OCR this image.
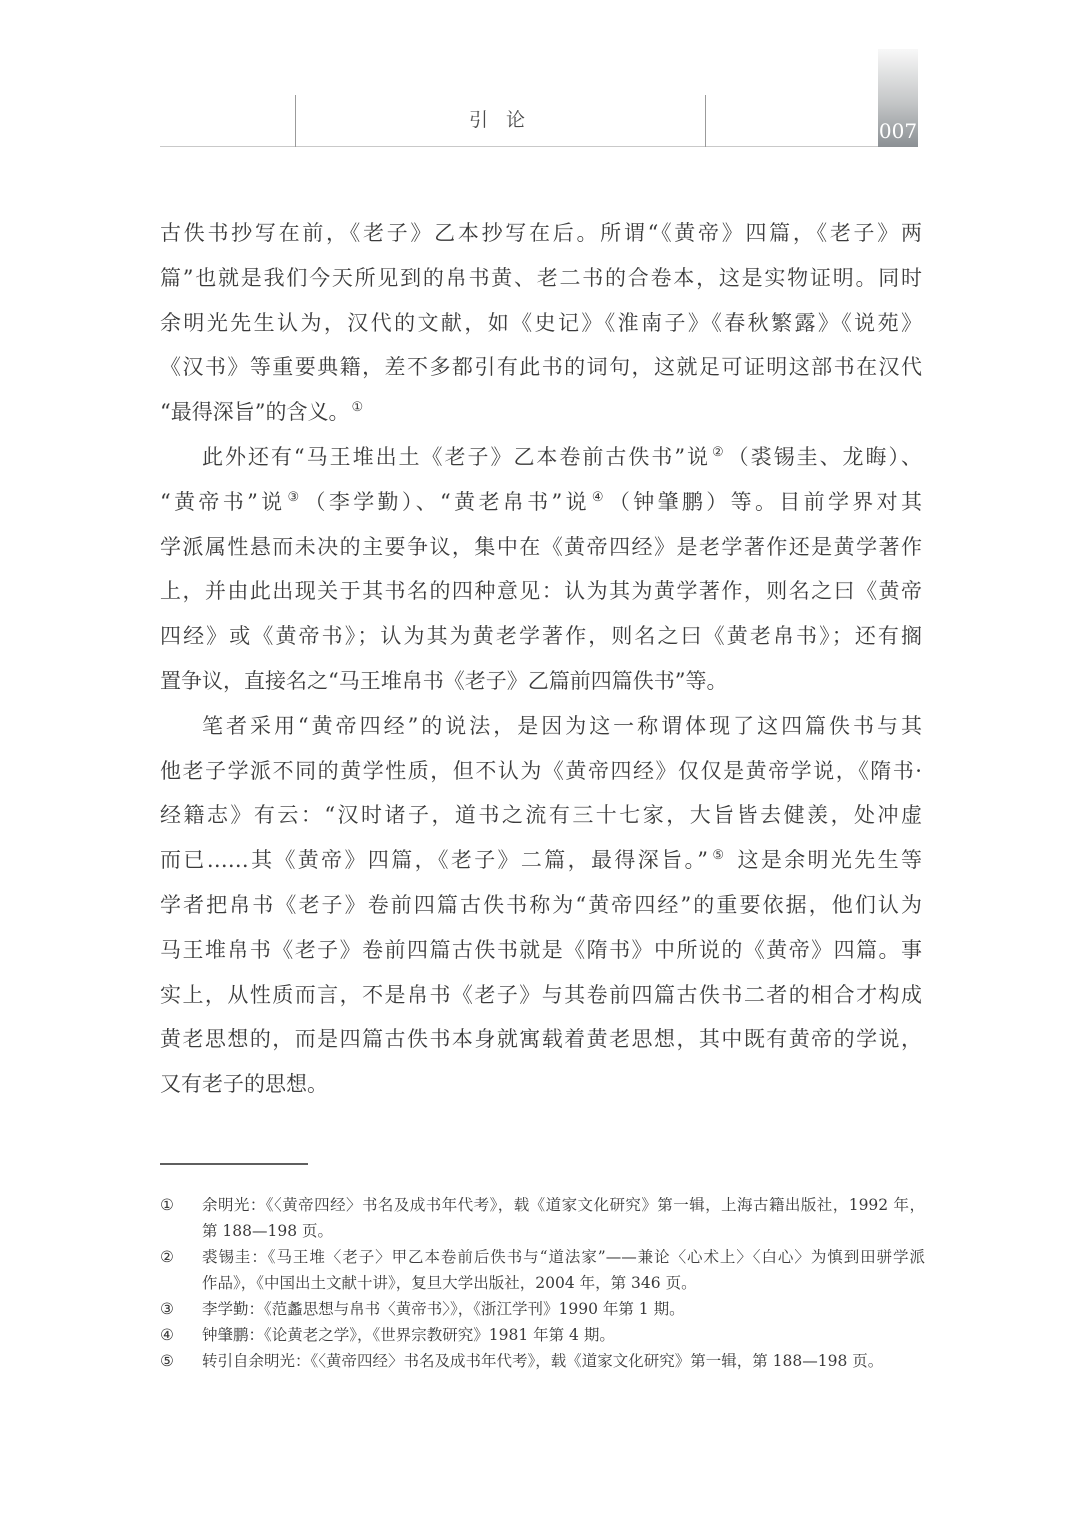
引 论	007
古佚书抄写在前，《老子》乙本抄写在后。所谓“《黄帝》四篇，《老子》两
篇”也就是我们今天所见到的帛书黄、老二书的合卷本，这是实物证明。同时
余明光先生认为，汉代的文献，如《史记》《淮南子》《春秋繁露》《说苑》
《汉书》等重要典籍，差不多都引有此书的词句，这就足可证明这部书在汉代
“最得深旨”的含义。 ①
此外还有“马王堆出土《老子》乙本卷前古佚书”说 ②（裘锡圭、龙晦）、
“黄帝书”说 ③（李学勤）、“黄老帛书”说 ④（钟肇鹏）等。目前学界对其
学派属性悬而未决的主要争议，集中在《黄帝四经》是老学著作还是黄学著作
上，并由此出现关于其书名的四种意见：认为其为黄学著作，则名之曰《黄帝
四经》或《黄帝书》；认为其为黄老学著作，则名之曰《黄老帛书》；还有搁
置争议，直接名之“马王堆帛书《老子》乙篇前四篇佚书”等。
笔者采用“黄帝四经”的说法，是因为这一称谓体现了这四篇佚书与其
他老子学派不同的黄学性质，但不认为《黄帝四经》仅仅是黄帝学说，《隋书·
经籍志》有云：“汉时诸子，道书之流有三十七家，大旨皆去健羡，处冲虚
而已……其《黄帝》四篇，《老子》二篇，最得深旨。” ⑤ 这是余明光先生等
学者把帛书《老子》卷前四篇古佚书称为“黄帝四经”的重要依据，他们认为
马王堆帛书《老子》卷前四篇古佚书就是《隋书》中所说的《黄帝》四篇。事
实上，从性质而言，不是帛书《老子》与其卷前四篇古佚书二者的相合才构成
黄老思想的，而是四篇古佚书本身就寓载着黄老思想，其中既有黄帝的学说，
又有老子的思想。
①	余明光：《〈黄帝四经〉书名及成书年代考》，载《道家文化研究》第一辑，上海古籍出版社，1992 年，
第 188—198 页。
②	裘锡圭：《马王堆〈老子〉甲乙本卷前后佚书与“道法家”——兼论〈心术上〉〈白心〉为慎到田骈学派
作品》，《中国出土文献十讲》，复旦大学出版社，2004 年，第 346 页。
③	李学勤：《范蠡思想与帛书〈黄帝书〉》，《浙江学刊》1990 年第 1 期。
④	钟肇鹏：《论黄老之学》，《世界宗教研究》1981 年第 4 期。
⑤	转引自余明光：《〈黄帝四经〉书名及成书年代考》，载《道家文化研究》第一辑，第 188—198 页。
